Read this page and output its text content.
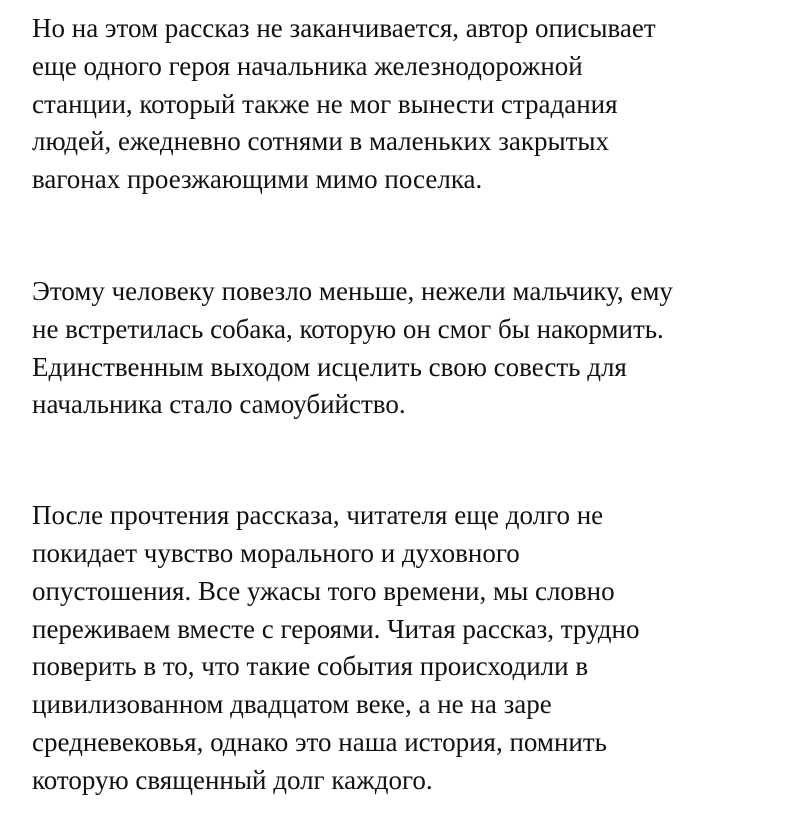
Но на этом рассказ не заканчивается, автор описывает
еще одного героя начальника железнодорожной
станции, который также не мог вынести страдания
людей, ежедневно сотнями в маленьких закрытых
вагонах проезжающими мимо поселка.

Этому человеку повезло меньше, нежели мальчику, ему
не встретилась собака, которую он смог бы накормить.
Единственным выходом исцелить свою совесть для
начальника стало самоубийство.

После прочтения рассказа, читателя еще долго не
покидает чувство морального и духовного
опустошения. Все ужасы того времени, мы словно
переживаем вместе с героями. Читая рассказ, трудно
поверить в то, что такие события происходили в
цивилизованном двадцатом веке, а не на заре
средневековья, однако это наша история, помнить
которую священный долг каждого.
